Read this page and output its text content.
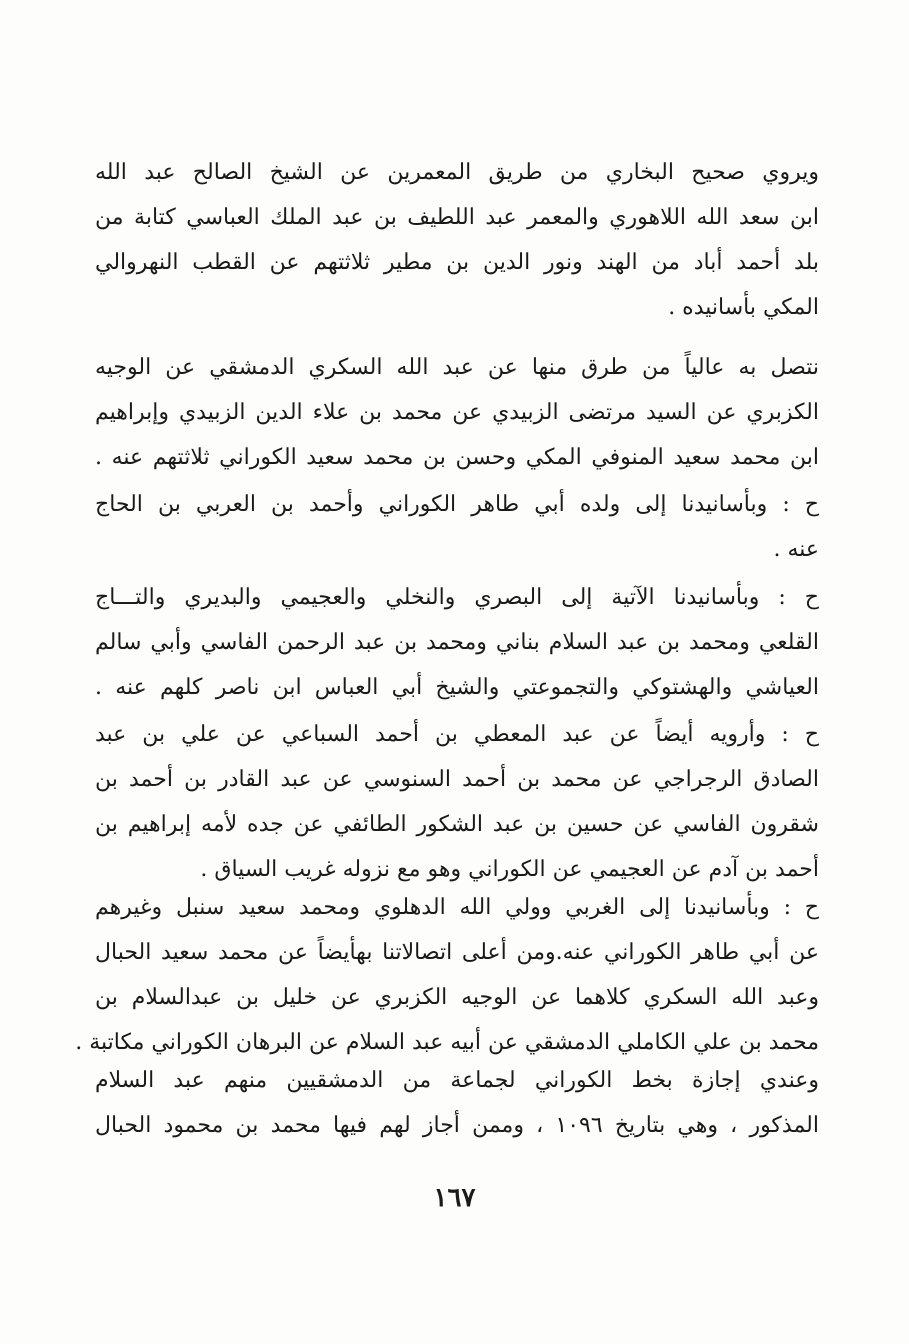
ويروي صحيح البخاري من طريق المعمرين عن الشيخ الصالح عبد الله
ابن سعد الله اللاهوري والمعمر عبد اللطيف بن عبد الملك العباسي كتابة من
بلد أحمد أباد من الهند ونور الدين بن مطير ثلاثتهم عن القطب النهروالي
المكي بأسانيده .
نتصل به عالياً من طرق منها عن عبد الله السكري الدمشقي عن الوجيه
الكزبري عن السيد مرتضى الزبيدي عن محمد بن علاء الدين الزبيدي وإبراهيم
ابن محمد سعيد المنوفي المكي وحسن بن محمد سعيد الكوراني ثلاثتهم عنه .
ح : وبأسانيدنا إلى ولده أبي طاهر الكوراني وأحمد بن العربي بن الحاج
عنه .
ح : وبأسانيدنا الآتية إلى البصري والنخلي والعجيمي والبديري والتـــاج
القلعي ومحمد بن عبد السلام بناني ومحمد بن عبد الرحمن الفاسي وأبي سالم
العياشي والهشتوكي والتجموعتي والشيخ أبي العباس ابن ناصر كلهم عنه .
ح : وأرويه أيضاً عن عبد المعطي بن أحمد السباعي عن علي بن عبد
الصادق الرجراجي عن محمد بن أحمد السنوسي عن عبد القادر بن أحمد بن
شقرون الفاسي عن حسين بن عبد الشكور الطائفي عن جده لأمه إبراهيم بن
أحمد بن آدم عن العجيمي عن الكوراني وهو مع نزوله غريب السياق .
ح : وبأسانيدنا إلى الغربي وولي الله الدهلوي ومحمد سعيد سنبل وغيرهم
عن أبي طاهر الكوراني عنه.ومن أعلى اتصالاتنا بهأيضاً عن محمد سعيد الحبال
وعبد الله السكري كلاهما عن الوجيه الكزبري عن خليل بن عبدالسلام بن
محمد بن علي الكاملي الدمشقي عن أبيه عبد السلام عن البرهان الكوراني مكاتبة .
وعندي إجازة بخط الكوراني لجماعة من الدمشقيين منهم عبد السلام
المذكور ، وهي بتاريخ ١٠٩٦ ، وممن أجاز لهم فيها محمد بن محمود الحبال
١٦٧
